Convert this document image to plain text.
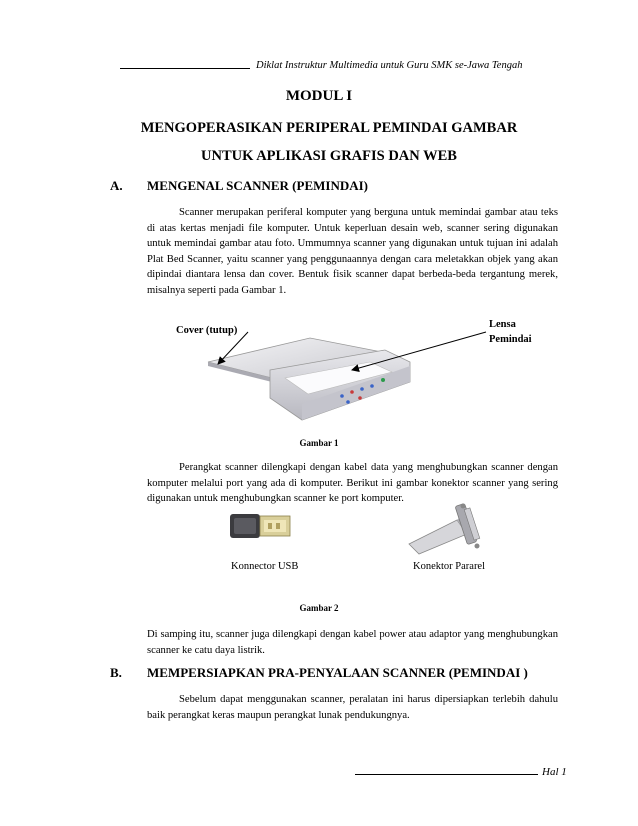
Diklat Instruktur Multimedia untuk Guru SMK se-Jawa Tengah
MODUL I
MENGOPERASIKAN PERIPERAL PEMINDAI GAMBAR
UNTUK APLIKASI GRAFIS DAN WEB
A. MENGENAL SCANNER (PEMINDAI)
Scanner merupakan periferal komputer yang berguna untuk memindai gambar atau teks di atas kertas menjadi file komputer. Untuk keperluan desain web, scanner sering digunakan untuk memindai gambar atau foto. Ummumnya scanner yang digunakan untuk tujuan ini adalah Plat Bed Scanner, yaitu scanner yang penggunaannya dengan cara meletakkan objek yang akan dipindai diantara lensa dan cover. Bentuk fisik scanner dapat berbeda-beda tergantung merek, misalnya seperti pada Gambar 1.
Cover (tutup)
Lensa
Pemindai
Gambar 1
Perangkat scanner dilengkapi dengan kabel data yang menghubungkan scanner dengan komputer melalui port yang ada di komputer. Berikut ini gambar konektor scanner yang sering digunakan untuk menghubungkan scanner ke port komputer.
Konnector USB	Konektor Pararel
Gambar 2
Di samping itu, scanner juga dilengkapi dengan kabel power atau adaptor yang menghubungkan scanner ke catu daya listrik.
B. MEMPERSIAPKAN PRA-PENYALAAN SCANNER (PEMINDAI )
Sebelum dapat menggunakan scanner, peralatan ini harus dipersiapkan terlebih dahulu baik perangkat keras maupun perangkat lunak pendukungnya.
Hal 1
